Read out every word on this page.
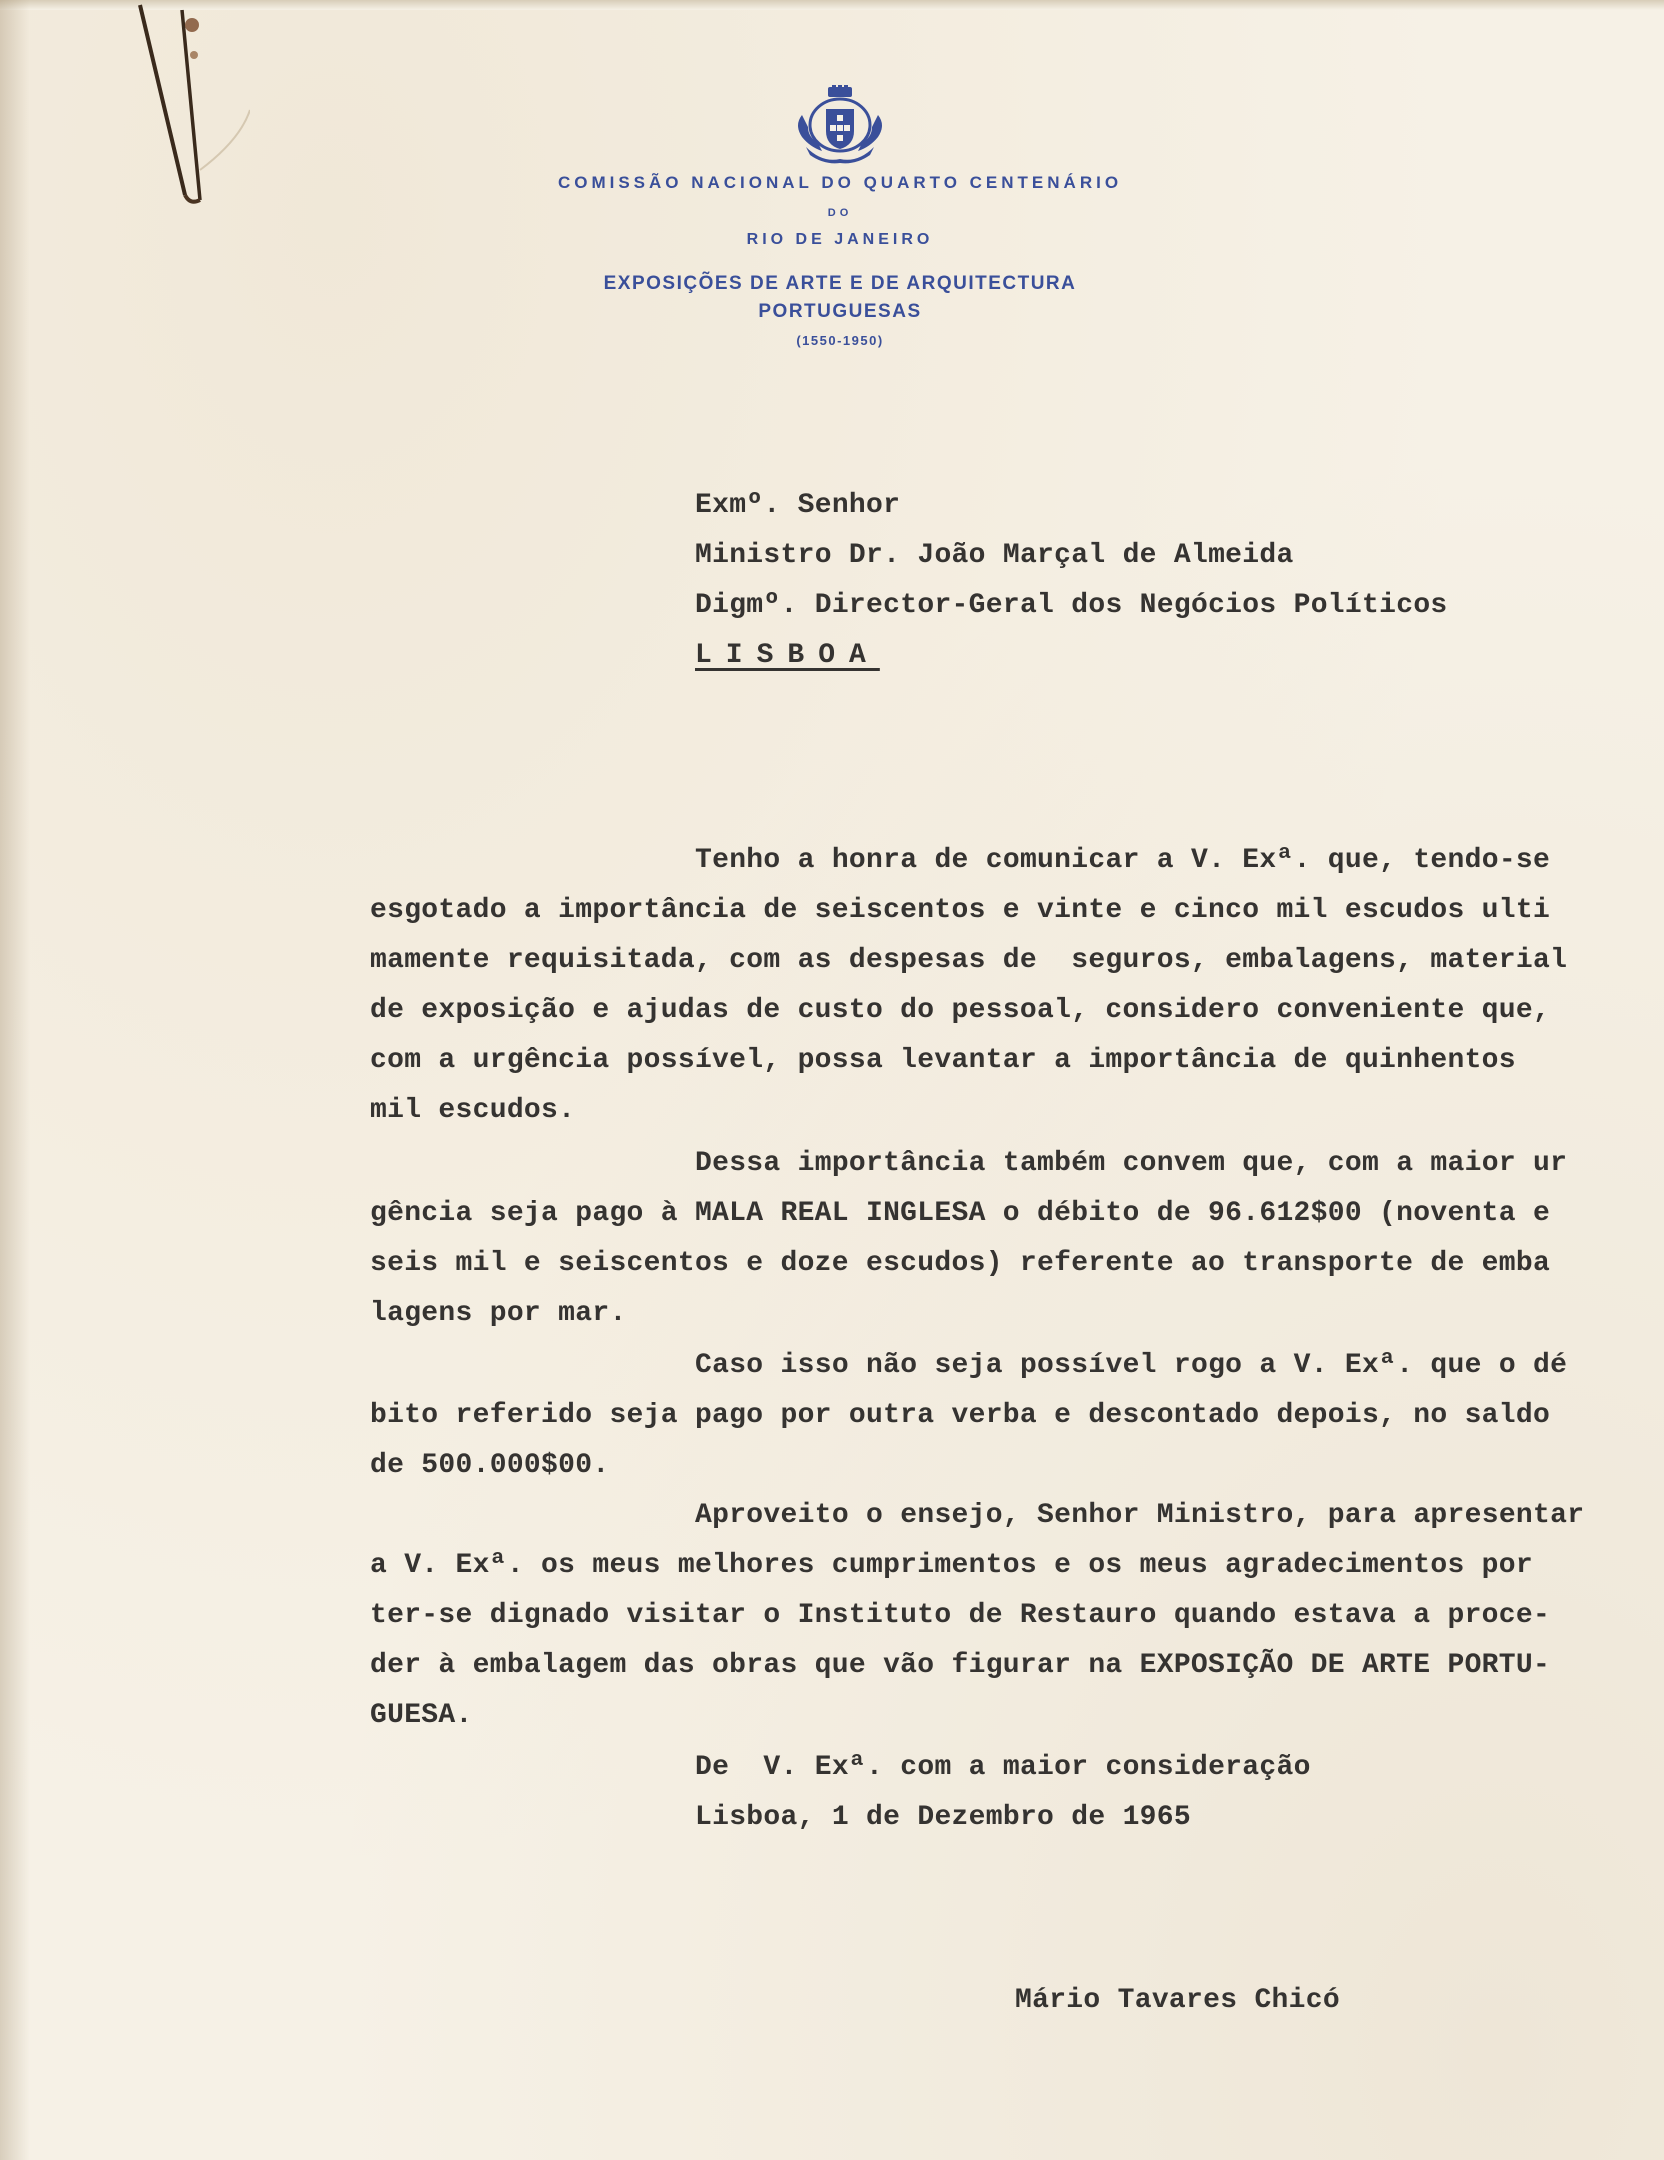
COMISSÃO NACIONAL DO QUARTO CENTENÁRIO
DO
RIO DE JANEIRO
EXPOSIÇÕES DE ARTE E DE ARQUITECTURA
PORTUGUESAS
(1550-1950)
Exmº. Senhor
Ministro Dr. João Marçal de Almeida
Digmº. Director-Geral dos Negócios Políticos
LISBOA
Tenho a honra de comunicar a V. Exª. que, tendo-se
esgotado a importância de seiscentos e vinte e cinco mil escudos ulti
mamente requisitada, com as despesas de  seguros, embalagens, material
de exposição e ajudas de custo do pessoal, considero conveniente que,
com a urgência possível, possa levantar a importância de quinhentos
mil escudos.
Dessa importância também convem que, com a maior ur
gência seja pago à MALA REAL INGLESA o débito de 96.612$00 (noventa e
seis mil e seiscentos e doze escudos) referente ao transporte de emba
lagens por mar.
Caso isso não seja possível rogo a V. Exª. que o dé
bito referido seja pago por outra verba e descontado depois, no saldo
de 500.000$00.
Aproveito o ensejo, Senhor Ministro, para apresentar
a V. Exª. os meus melhores cumprimentos e os meus agradecimentos por
ter-se dignado visitar o Instituto de Restauro quando estava a proce-
der à embalagem das obras que vão figurar na EXPOSIÇÃO DE ARTE PORTU-
GUESA.
De  V. Exª. com a maior consideração
Lisboa, 1 de Dezembro de 1965
Mário Tavares Chicó
